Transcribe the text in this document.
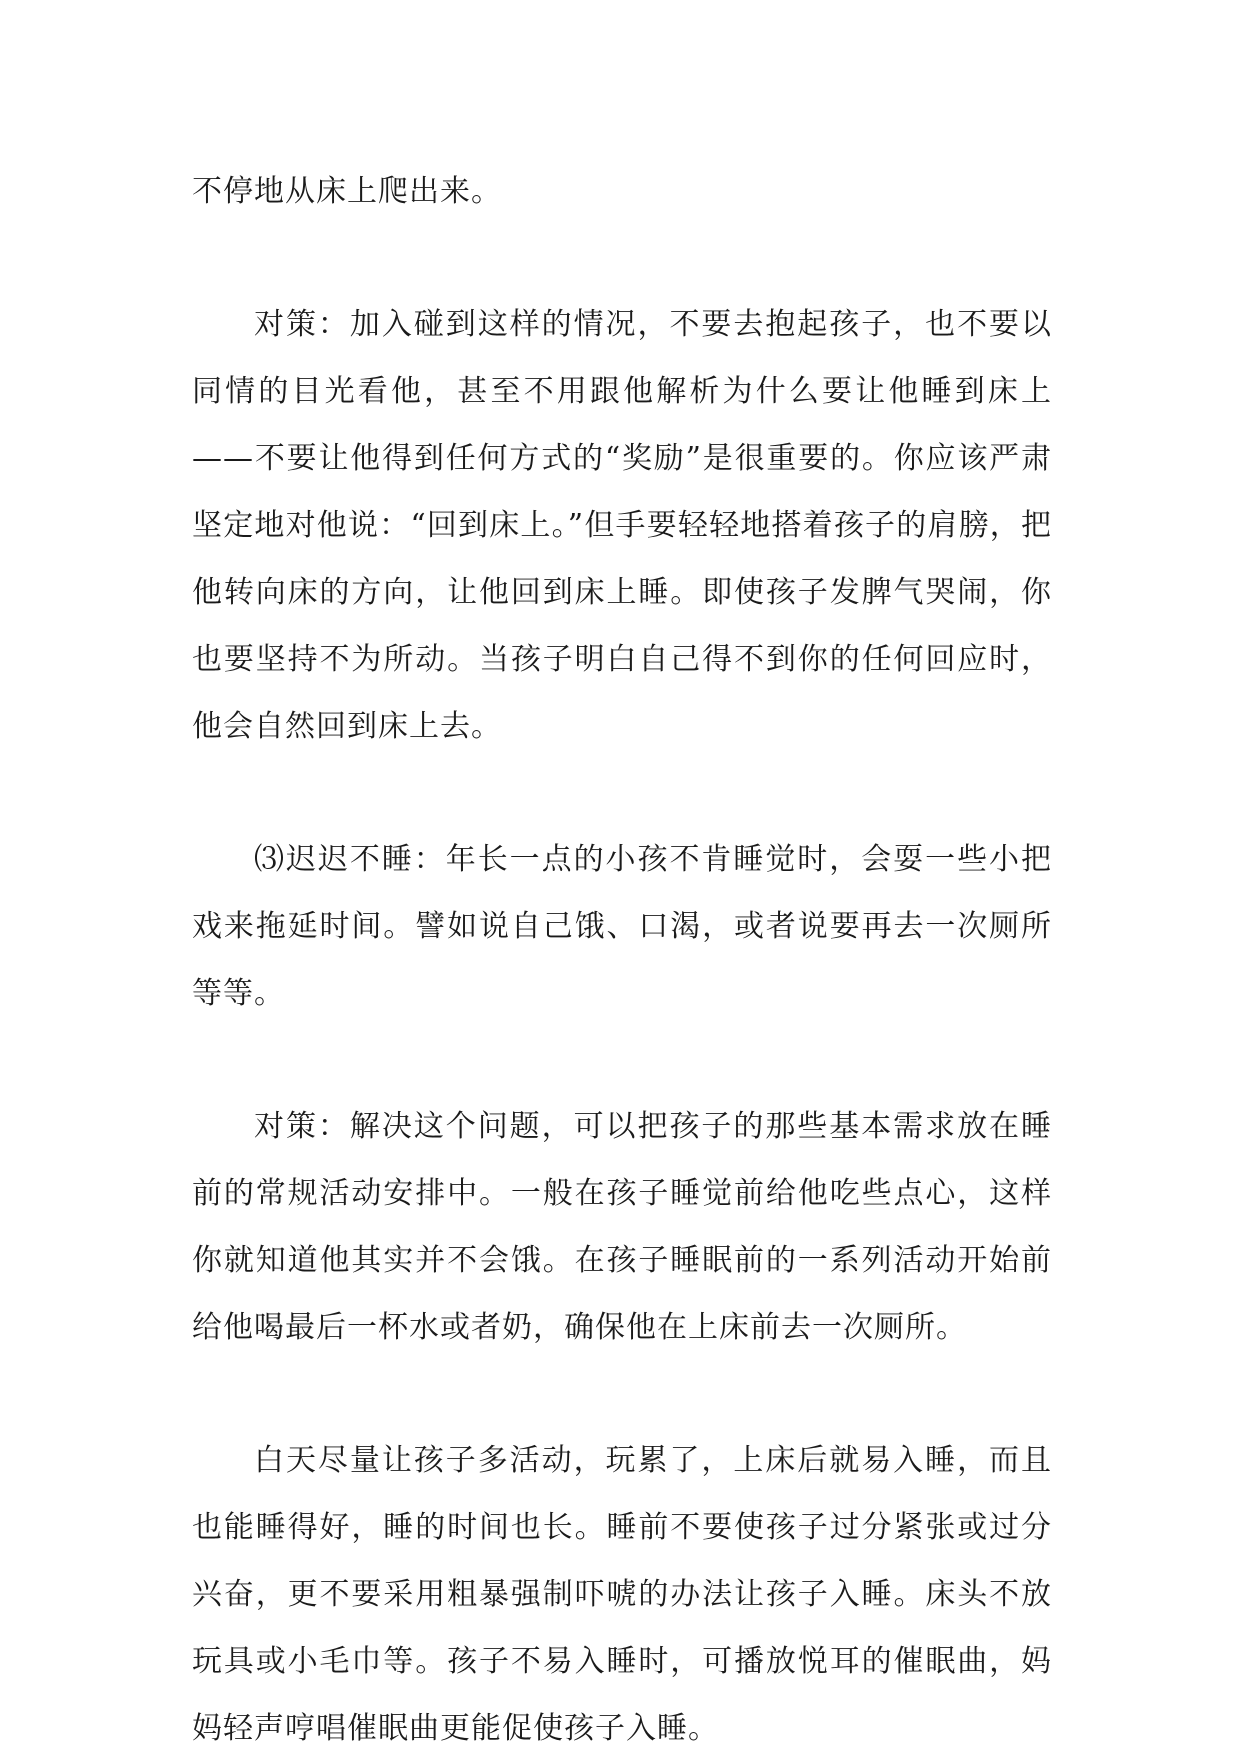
不停地从床上爬出来。

对策：加入碰到这样的情况，不要去抱起孩子，也不要以同情的目光看他，甚至不用跟他解析为什么要让他睡到床上——不要让他得到任何方式的“奖励”是很重要的。你应该严肃坚定地对他说：“回到床上。”但手要轻轻地搭着孩子的肩膀，把他转向床的方向，让他回到床上睡。即使孩子发脾气哭闹，你也要坚持不为所动。当孩子明白自己得不到你的任何回应时，他会自然回到床上去。

⑶迟迟不睡：年长一点的小孩不肯睡觉时，会耍一些小把戏来拖延时间。譬如说自己饿、口渴，或者说要再去一次厕所等等。

对策：解决这个问题，可以把孩子的那些基本需求放在睡前的常规活动安排中。一般在孩子睡觉前给他吃些点心，这样你就知道他其实并不会饿。在孩子睡眠前的一系列活动开始前给他喝最后一杯水或者奶，确保他在上床前去一次厕所。

白天尽量让孩子多活动，玩累了，上床后就易入睡，而且也能睡得好，睡的时间也长。睡前不要使孩子过分紧张或过分兴奋，更不要采用粗暴强制吓唬的办法让孩子入睡。床头不放玩具或小毛巾等。孩子不易入睡时，可播放悦耳的催眠曲，妈妈轻声哼唱催眠曲更能促使孩子入睡。
